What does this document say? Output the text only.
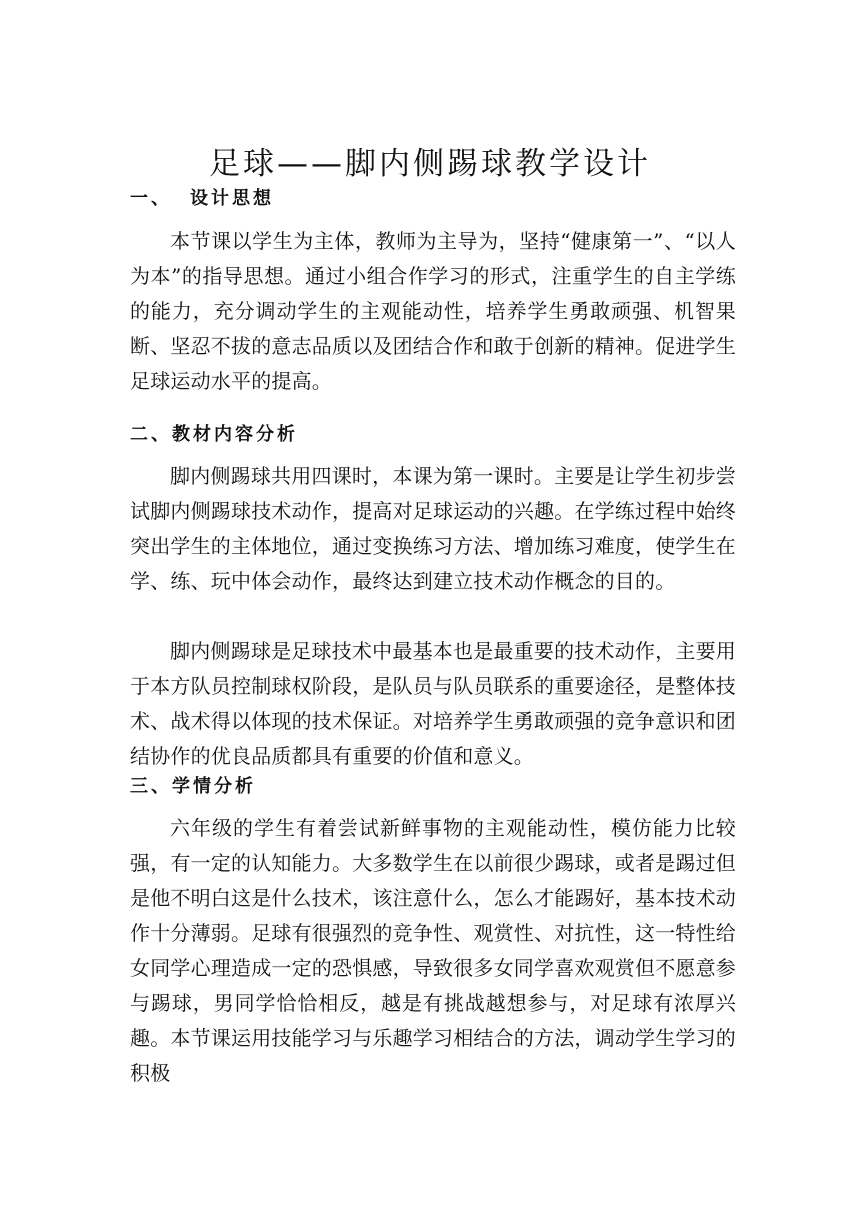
足球——脚内侧踢球教学设计
一、 设计思想

本节课以学生为主体，教师为主导为，坚持“健康第一”、“以人为本”的指导思想。通过小组合作学习的形式，注重学生的自主学练的能力，充分调动学生的主观能动性，培养学生勇敢顽强、机智果断、坚忍不拔的意志品质以及团结合作和敢于创新的精神。促进学生足球运动水平的提高。

二、教材内容分析

脚内侧踢球共用四课时，本课为第一课时。主要是让学生初步尝试脚内侧踢球技术动作，提高对足球运动的兴趣。在学练过程中始终突出学生的主体地位，通过变换练习方法、增加练习难度，使学生在学、练、玩中体会动作，最终达到建立技术动作概念的目的。

脚内侧踢球是足球技术中最基本也是最重要的技术动作，主要用于本方队员控制球权阶段，是队员与队员联系的重要途径，是整体技术、战术得以体现的技术保证。对培养学生勇敢顽强的竞争意识和团结协作的优良品质都具有重要的价值和意义。

三、学情分析

六年级的学生有着尝试新鲜事物的主观能动性，模仿能力比较强，有一定的认知能力。大多数学生在以前很少踢球，或者是踢过但是他不明白这是什么技术，该注意什么，怎么才能踢好，基本技术动作十分薄弱。足球有很强烈的竞争性、观赏性、对抗性，这一特性给女同学心理造成一定的恐惧感，导致很多女同学喜欢观赏但不愿意参与踢球，男同学恰恰相反，越是有挑战越想参与，对足球有浓厚兴趣。本节课运用技能学习与乐趣学习相结合的方法，调动学生学习的积极
